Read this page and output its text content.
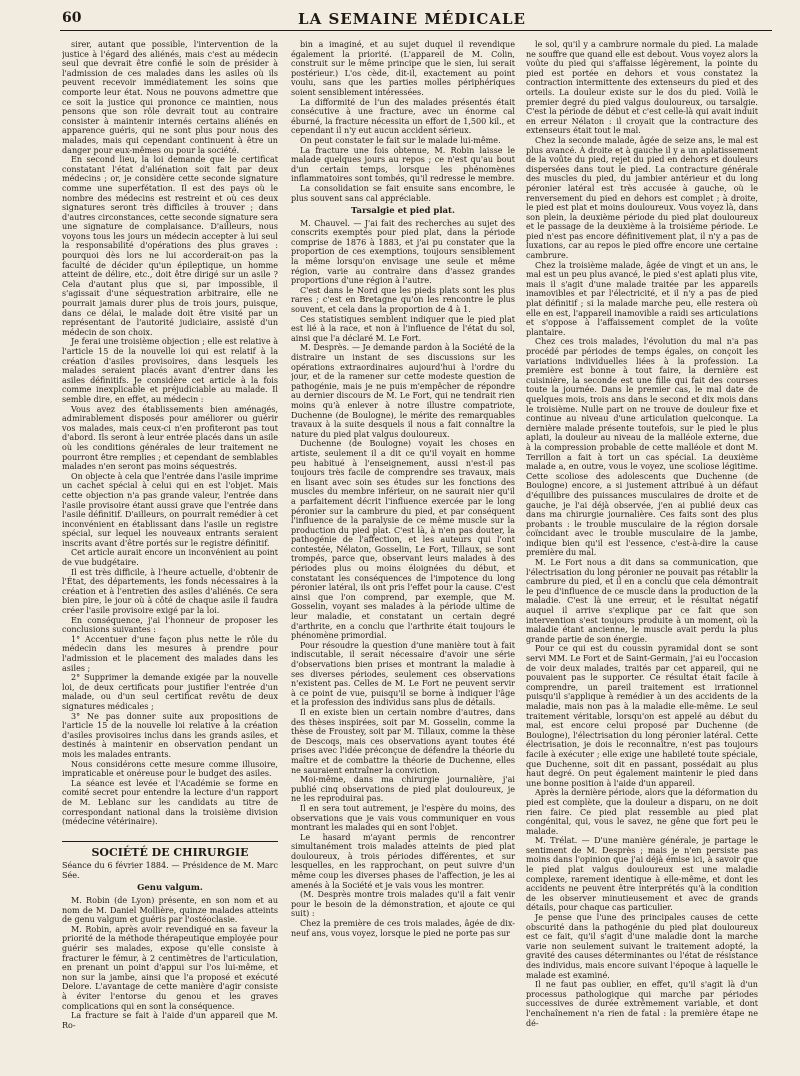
60	LA SEMAINE MÉDICALE

sirer, autant que possible, l'intervention de la justice à l'égard des aliénés, mais c'est au médecin seul que devrait être confié le soin de présider à l'admission de ces malades dans les asiles où ils peuvent recevoir immédiatement les soins que comporte leur état. Nous ne pouvons admettre que ce soit la justice qui prononce ce maintien, nous pensons que son rôle devrait tout au contraire consister à maintenir internés certains aliénés en apparence guéris, qui ne sont plus pour nous des malades, mais qui cependant continuent à être un danger pour eux-mêmes ou pour la société.

En second lieu, la loi demande que le certificat constatant l'état d'aliénation soit fait par deux médecins ; or, je considère cette seconde signature comme une superfétation. Il est des pays où le nombre des médecins est restreint et où ces deux signatures seront très difficiles à trouver ; dans d'autres circonstances, cette seconde signature sera une signature de complaisance. D'ailleurs, nous voyons tous les jours un médecin accepter à lui seul la responsabilité d'opérations des plus graves : pourquoi dès lors ne lui accorderait-on pas la faculté de décider qu'un épileptique, un homme atteint de délire, etc., doit être dirigé sur un asile ? Cela d'autant plus que si, par impossible, il s'agissait d'une séquestration arbitraire, elle ne pourrait jamais durer plus de trois jours, puisque, dans ce délai, le malade doit être visité par un représentant de l'autorité judiciaire, assisté d'un médecin de son choix.

Je ferai une troisième objection ; elle est relative à l'article 15 de la nouvelle loi qui est relatif à la création d'asiles provisoires, dans lesquels les malades seraient placés avant d'entrer dans les asiles définitifs. Je considère cet article à la fois comme inexplicable et préjudiciable au malade. Il semble dire, en effet, au médecin :

Vous avez des établissements bien aménagés, admirablement disposés pour améliorer ou guérir vos malades, mais ceux-ci n'en profiteront pas tout d'abord. Ils seront à leur entrée placés dans un asile où les conditions générales de leur traitement ne pourront être remplies ; et cependant de semblables malades n'en seront pas moins séquestrés.

On objecte à cela que l'entrée dans l'asile imprime un cachet spécial à celui qui en est l'objet. Mais cette objection n'a pas grande valeur, l'entrée dans l'asile provisoire étant aussi grave que l'entrée dans l'asile définitif. D'ailleurs, on pourrait remédier à cet inconvénient en établissant dans l'asile un registre spécial, sur lequel les nouveaux entrants seraient inscrits avant d'être portés sur le registre définitif.

Cet article aurait encore un inconvénient au point de vue budgétaire.

Il est très difficile, à l'heure actuelle, d'obtenir de l'État, des départements, les fonds nécessaires à la création et à l'entretien des asiles d'aliénés. Ce sera bien pire, le jour où à côté de chaque asile il faudra créer l'asile provisoire exigé par la loi.

En conséquence, j'ai l'honneur de proposer les conclusions suivantes :

1° Accentuer d'une façon plus nette le rôle du médecin dans les mesures à prendre pour l'admission et le placement des malades dans les asiles ;

2° Supprimer la demande exigée par la nouvelle loi, de deux certificats pour justifier l'entrée d'un malade, ou d'un seul certificat revêtu de deux signatures médicales ;

3° Ne pas donner suite aux propositions de l'article 15 de la nouvelle loi relative à la création d'asiles provisoires inclus dans les grands asiles, et destinés à maintenir en observation pendant un mois les malades entrants.

Nous considérons cette mesure comme illusoire, impraticable et onéreuse pour le budget des asiles.

La séance est levée et l'Académie se forme en comité secret pour entendre la lecture d'un rapport de M. Leblanc sur les candidats au titre de correspondant national dans la troisième division (médecine vétérinaire).

SOCIÉTÉ DE CHIRURGIE

Séance du 6 février 1884. — Présidence de M. Marc Sée.

Genu valgum.

M. Robin (de Lyon) présente, en son nom et au nom de M. Daniel Mollière, quinze malades atteints de genu valgum et guéris par l'ostéoclasie.

M. Robin, après avoir revendiqué en sa faveur la priorité de la méthode thérapeutique employée pour guérir ses malades, expose qu'elle consiste à fracturer le fémur, à 2 centimètres de l'articulation, en prenant un point d'appui sur l'os lui-même, et non sur la jambe, ainsi que l'a proposé et exécuté Delore. L'avantage de cette manière d'agir consiste à éviter l'entorse du genou et les graves complications qui en sont la conséquence.

La fracture se fait à l'aide d'un appareil que M. Ro-

bin a imaginé, et au sujet duquel il revendique également la priorité. (L'appareil de M. Colin, construit sur le même principe que le sien, lui serait postérieur.) L'os cède, dit-il, exactement au point voulu, sans que les parties molles périphériques soient sensiblement intéressées.

La difformité de l'un des malades présentés était consécutive à une fracture, avec un énorme cal éburné, la fracture nécessita un effort de 1,500 kil., et cependant il n'y eut aucun accident sérieux.

On peut constater le fait sur le malade lui-même.

La fracture une fois obtenue, M. Robin laisse le malade quelques jours au repos ; ce n'est qu'au bout d'un certain temps, lorsque les phénomènes inflammatoires sont tombés, qu'il redresse le membre.

La consolidation se fait ensuite sans encombre, le plus souvent sans cal appréciable.

Tarsalgie et pied plat.

M. Chauvel. — J'ai fait des recherches au sujet des conscrits exemptés pour pied plat, dans la période comprise de 1876 à 1883, et j'ai pu constater que la proportion de ces exemptions, toujours sensiblement la même lorsqu'on envisage une seule et même région, varie au contraire dans d'assez grandes proportions d'une région à l'autre.

C'est dans le Nord que les pieds plats sont les plus rares ; c'est en Bretagne qu'on les rencontre le plus souvent, et cela dans la proportion de 4 à 1.

Ces statistiques semblent indiquer que le pied plat est lié à la race, et non à l'influence de l'état du sol, ainsi que l'a déclaré M. Le Fort.

M. Desprès. — Je demande pardon à la Société de la distraire un instant de ses discussions sur les opérations extraordinaires aujourd'hui à l'ordre du jour, et de la ramener sur cette modeste question de pathogénie, mais je ne puis m'empêcher de répondre au dernier discours de M. Le Fort, qui ne tendrait rien moins qu'à enlever à notre illustre compatriote, Duchenne (de Boulogne), le mérite des remarquables travaux à la suite desquels il nous a fait connaître la nature du pied plat valgus douloureux.

Duchenne (de Boulogne) voyait les choses en artiste, seulement il a dit ce qu'il voyait en homme peu habitué à l'enseignement, aussi n'est-il pas toujours très facile de comprendre ses travaux, mais en lisant avec soin ses études sur les fonctions des muscles du membre inférieur, on ne saurait nier qu'il a parfaitement décrit l'influence exercée par le long péronier sur la cambrure du pied, et par conséquent l'influence de la paralysie de ce même muscle sur la production du pied plat. C'est là, à n'en pas douter, la pathogénie de l'affection, et les auteurs qui l'ont contestée, Nélaton, Gosselin, Le Fort, Tillaux, se sont trompés, parce que, observant leurs malades à des périodes plus ou moins éloignées du début, et constatant les conséquences de l'impotence du long péronier latéral, ils ont pris l'effet pour la cause. C'est ainsi que l'on comprend, par exemple, que M. Gosselin, voyant ses malades à la période ultime de leur maladie, et constatant un certain degré d'arthrite, en a conclu que l'arthrite était toujours le phénomène primordial.

Pour résoudre la question d'une manière tout à fait indiscutable, il serait nécessaire d'avoir une série d'observations bien prises et montrant la maladie à ses diverses périodes, seulement ces observations n'existent pas. Celles de M. Le Fort ne peuvent servir à ce point de vue, puisqu'il se borne à indiquer l'âge et la profession des individus sans plus de détails.

Il en existe bien un certain nombre d'autres, dans des thèses inspirées, soit par M. Gosselin, comme la thèse de Froustey, soit par M. Tillaux, comme la thèse de Descoqs, mais ces observations ayant toutes été prises avec l'idée préconçue de défendre la théorie du maître et de combattre la théorie de Duchenne, elles ne sauraient entraîner la conviction.

Moi-même, dans ma chirurgie journalière, j'ai publié cinq observations de pied plat douloureux, je ne les reproduirai pas.

Il en sera tout autrement, je l'espère du moins, des observations que je vais vous communiquer en vous montrant les malades qui en sont l'objet.

Le hasard m'ayant permis de rencontrer simultanément trois malades atteints de pied plat douloureux, à trois périodes différentes, et sur lesquelles, en les rapprochant, on peut suivre d'un même coup les diverses phases de l'affection, je les ai amenés à la Société et je vais vous les montrer.

(M. Desprès montre trois malades qu'il a fait venir pour le besoin de la démonstration, et ajoute ce qui suit) :

Chez la première de ces trois malades, âgée de dix-neuf ans, vous voyez, lorsque le pied ne porte pas sur

le sol, qu'il y a cambrure normale du pied. La malade ne souffre que quand elle est debout. Vous voyez alors la voûte du pied qui s'affaisse légèrement, la pointe du pied est portée en dehors et vous constatez la contraction intermittente des extenseurs du pied et des orteils. La douleur existe sur le dos du pied. Voilà le premier degré du pied valgus douloureux, ou tarsalgie. C'est la période de début et c'est celle-là qui avait induit en erreur Nélaton : il croyait que la contracture des extenseurs était tout le mal.

Chez la seconde malade, âgée de seize ans, le mal est plus avancé. À droite et à gauche il y a un aplatissement de la voûte du pied, rejet du pied en dehors et douleurs dispersées dans tout le pied. La contracture générale des muscles du pied, du jambier antérieur et du long péronier latéral est très accusée à gauche, où le renversement du pied en dehors est complet ; à droite, le pied est plat et moins douloureux. Vous voyez là, dans son plein, la deuxième période du pied plat douloureux et le passage de la deuxième à la troisième période. Le pied n'est pas encore définitivement plat, il n'y a pas de luxations, car au repos le pied offre encore une certaine cambrure.

Chez la troisième malade, âgée de vingt et un ans, le mal est un peu plus avancé, le pied s'est aplati plus vite, mais il s'agit d'une malade traitée par les appareils inamovibles et par l'électricité, et il n'y a pas de pied plat définitif ; si la malade marche peu, elle restera où elle en est, l'appareil inamovible a raidi ses articulations et s'oppose à l'affaissement complet de la voûte plantaire.

Chez ces trois malades, l'évolution du mal n'a pas procédé par périodes de temps égales, on conçoit les variations individuelles liées à la profession. La première est bonne à tout faire, la dernière est cuisinière, la seconde est une fille qui fait des courses toute la journée. Dans le premier cas, le mal date de quelques mois, trois ans dans le second et dix mois dans le troisième. Nulle part on ne trouve de douleur fixe et continue au niveau d'une articulation quelconque. La dernière malade présente toutefois, sur le pied le plus aplati, la douleur au niveau de la malléole externe, due à la compression probable de cette malléole et dont M. Terrillon a fait à tort un cas spécial. La deuxième malade a, en outre, vous le voyez, une scoliose légitime. Cette scoliose des adolescents que Duchenne (de Boulogne) encore, a si justement attribué à un défaut d'équilibre des puissances musculaires de droite et de gauche, je l'ai déjà observée, j'en ai publié deux cas dans ma chirurgie journalière. Ces faits sont des plus probants : le trouble musculaire de la région dorsale coïncidant avec le trouble musculaire de la jambe, indique bien qu'il est l'essence, c'est-à-dire la cause première du mal.

M. Le Fort nous a dit dans sa communication, que l'électrisation du long péronier ne pouvait pas rétablir la cambrure du pied, et il en a conclu que cela démontrait le peu d'influence de ce muscle dans la production de la maladie. C'est là une erreur, et le résultat négatif auquel il arrive s'explique par ce fait que son intervention s'est toujours produite à un moment, où la maladie étant ancienne, le muscle avait perdu la plus grande partie de son énergie.

Pour ce qui est du coussin pyramidal dont se sont servi MM. Le Fort et de Saint-Germain, j'ai eu l'occasion de voir deux malades, traités par cet appareil, qui ne pouvaient pas le supporter. Ce résultat était facile à comprendre, un pareil traitement est irrationnel puisqu'il s'applique à remédier à un des accidents de la maladie, mais non pas à la maladie elle-même. Le seul traitement véritable, lorsqu'on est appelé au début du mal, est encore celui proposé par Duchenne (de Boulogne), l'électrisation du long péronier latéral. Cette électrisation, je dois le reconnaître, n'est pas toujours facile à exécuter ; elle exige une habileté toute spéciale, que Duchenne, soit dit en passant, possédait au plus haut degré. On peut également maintenir le pied dans une bonne position à l'aide d'un appareil.

Après la dernière période, alors que la déformation du pied est complète, que la douleur a disparu, on ne doit rien faire. Ce pied plat ressemble au pied plat congénital, qui, vous le savez, ne gêne que fort peu le malade.

M. Trélat. — D'une manière générale, je partage le sentiment de M. Desprès ; mais je n'en persiste pas moins dans l'opinion que j'ai déjà émise ici, à savoir que le pied plat valgus douloureux est une maladie complexe, rarement identique à elle-même, et dont les accidents ne peuvent être interprétés qu'à la condition de les observer minutieusement et avec de grands détails, pour chaque cas particulier.

Je pense que l'une des principales causes de cette obscurité dans la pathogénie du pied plat douloureux est ce fait, qu'il s'agit d'une maladie dont la marche varie non seulement suivant le traitement adopté, la gravité des causes déterminantes ou l'état de résistance des individus, mais encore suivant l'époque à laquelle le malade est examiné.

Il ne faut pas oublier, en effet, qu'il s'agit là d'un processus pathologique qui marche par périodes successives de durée extrêmement variable, et dont l'enchaînement n'a rien de fatal : la première étape ne dé-
